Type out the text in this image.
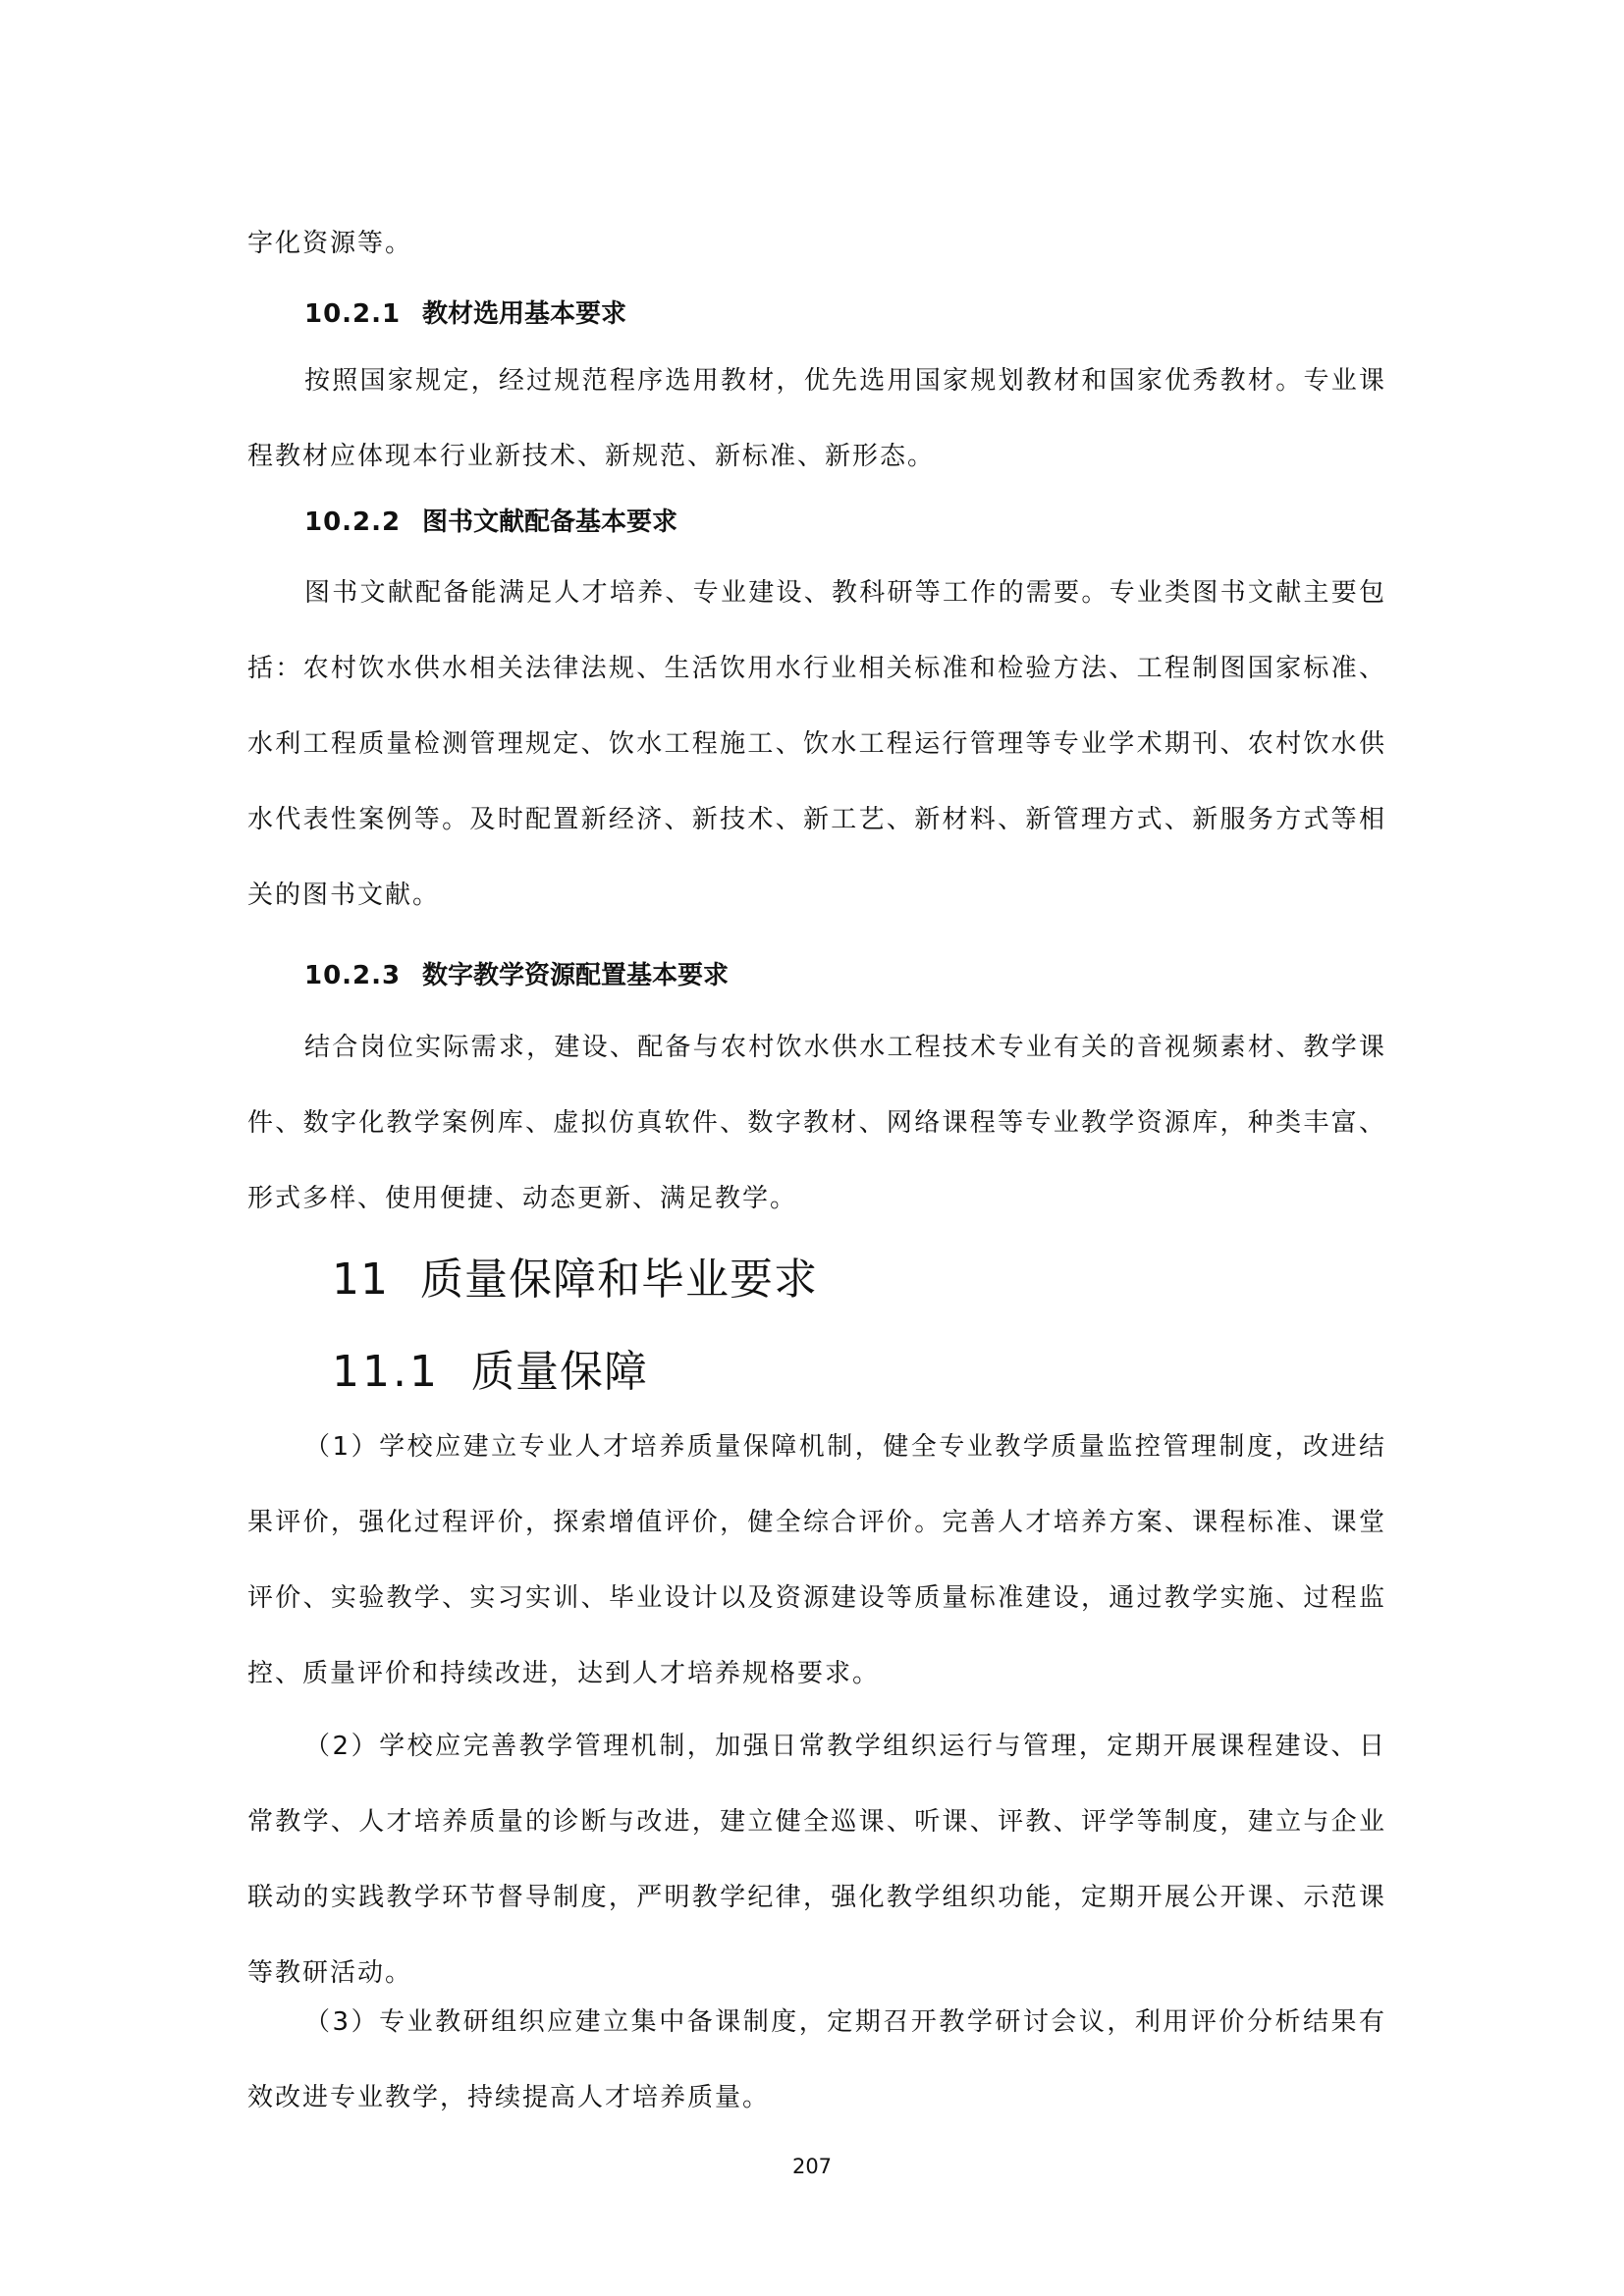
字化资源等。

10.2.1 教材选用基本要求

按照国家规定，经过规范程序选用教材，优先选用国家规划教材和国家优秀教材。专业课程教材应体现本行业新技术、新规范、新标准、新形态。

10.2.2 图书文献配备基本要求

图书文献配备能满足人才培养、专业建设、教科研等工作的需要。专业类图书文献主要包括：农村饮水供水相关法律法规、生活饮用水行业相关标准和检验方法、工程制图国家标准、水利工程质量检测管理规定、饮水工程施工、饮水工程运行管理等专业学术期刊、农村饮水供水代表性案例等。及时配置新经济、新技术、新工艺、新材料、新管理方式、新服务方式等相关的图书文献。

10.2.3 数字教学资源配置基本要求

结合岗位实际需求，建设、配备与农村饮水供水工程技术专业有关的音视频素材、教学课件、数字化教学案例库、虚拟仿真软件、数字教材、网络课程等专业教学资源库，种类丰富、形式多样、使用便捷、动态更新、满足教学。

11 质量保障和毕业要求
11.1 质量保障

（1）学校应建立专业人才培养质量保障机制，健全专业教学质量监控管理制度，改进结果评价，强化过程评价，探索增值评价，健全综合评价。完善人才培养方案、课程标准、课堂评价、实验教学、实习实训、毕业设计以及资源建设等质量标准建设，通过教学实施、过程监控、质量评价和持续改进，达到人才培养规格要求。

（2）学校应完善教学管理机制，加强日常教学组织运行与管理，定期开展课程建设、日常教学、人才培养质量的诊断与改进，建立健全巡课、听课、评教、评学等制度，建立与企业联动的实践教学环节督导制度，严明教学纪律，强化教学组织功能，定期开展公开课、示范课等教研活动。

（3）专业教研组织应建立集中备课制度，定期召开教学研讨会议，利用评价分析结果有效改进专业教学，持续提高人才培养质量。

207
